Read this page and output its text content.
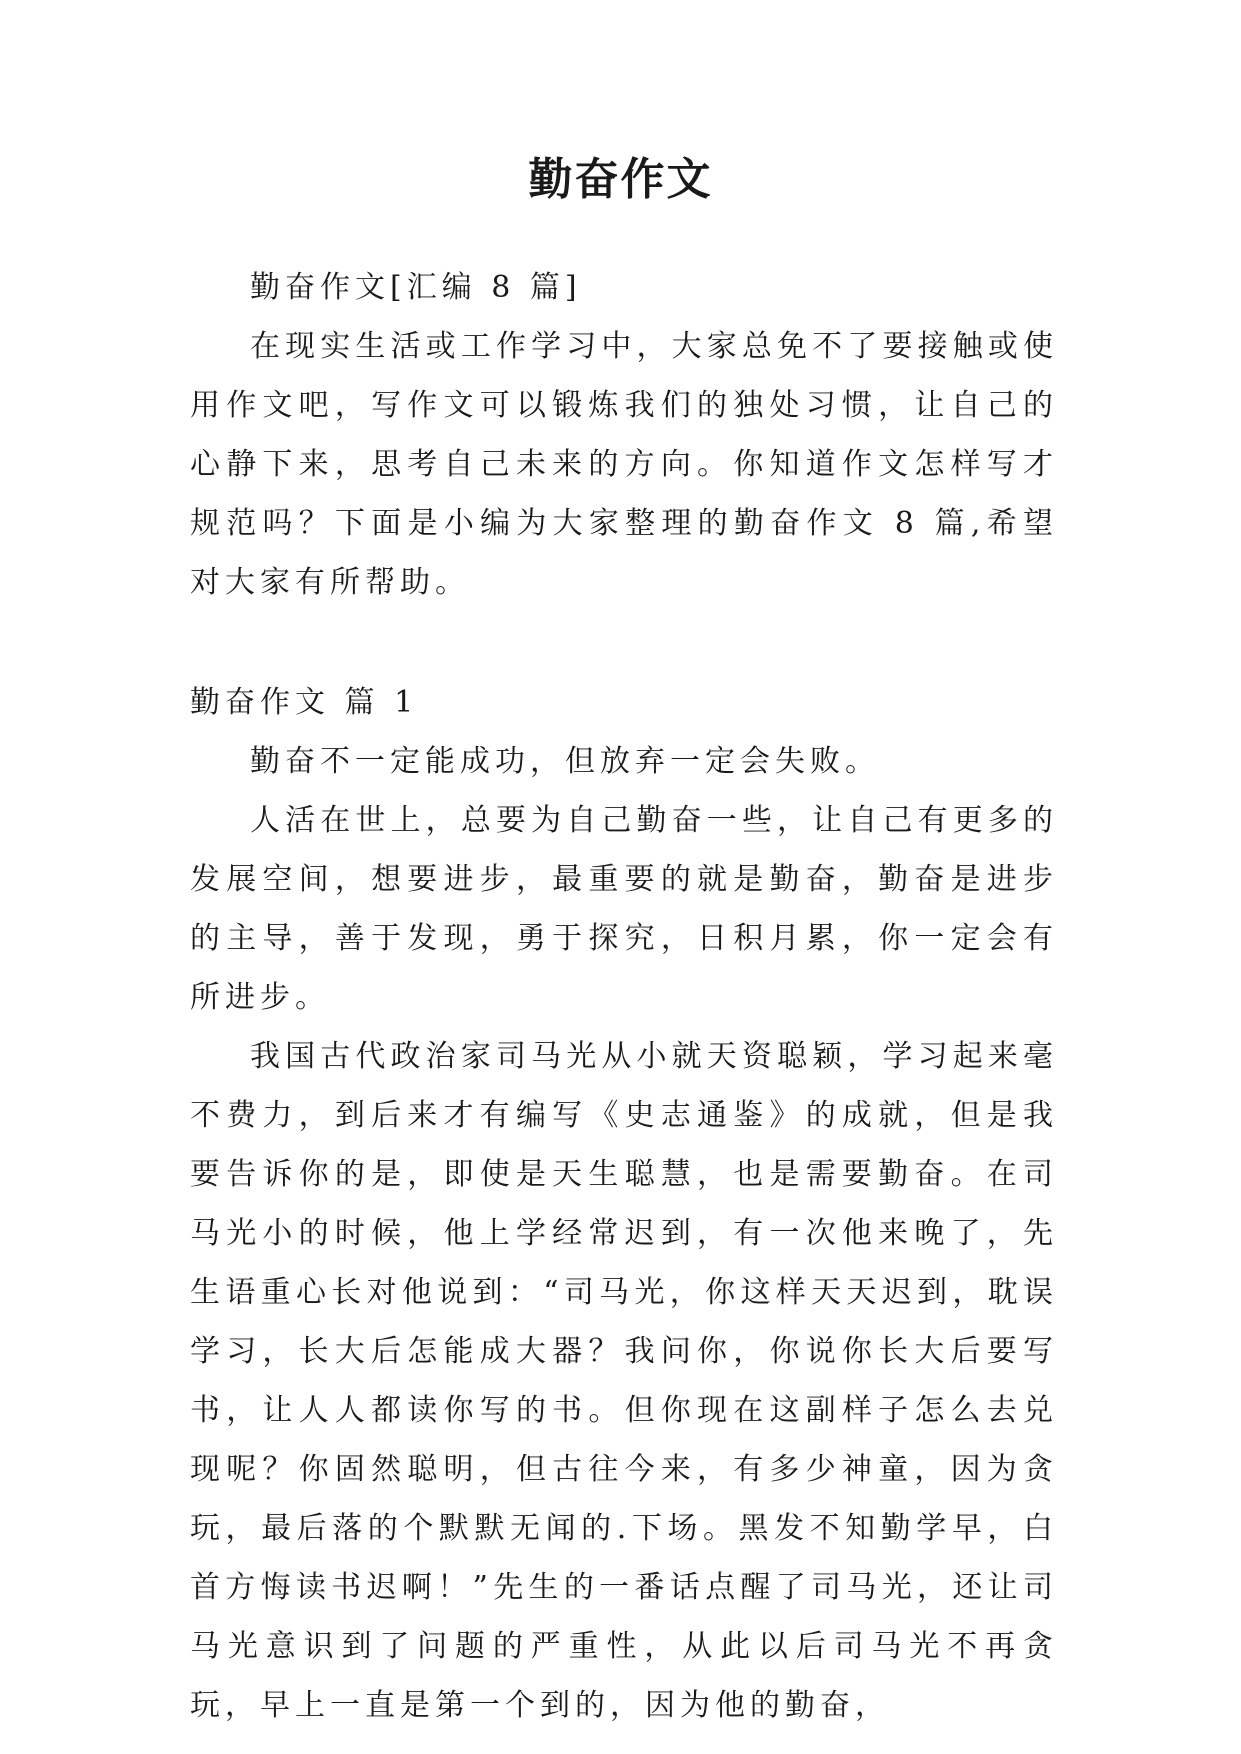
勤奋作文

勤奋作文[汇编 8 篇]

在现实生活或工作学习中，大家总免不了要接触或使用作文吧，写作文可以锻炼我们的独处习惯，让自己的心静下来，思考自己未来的方向。你知道作文怎样写才规范吗？下面是小编为大家整理的勤奋作文 8 篇,希望对大家有所帮助。

勤奋作文 篇 1

勤奋不一定能成功，但放弃一定会失败。

人活在世上，总要为自己勤奋一些，让自己有更多的发展空间，想要进步，最重要的就是勤奋，勤奋是进步的主导，善于发现，勇于探究，日积月累，你一定会有所进步。

我国古代政治家司马光从小就天资聪颖，学习起来毫不费力，到后来才有编写《史志通鉴》的成就，但是我要告诉你的是，即使是天生聪慧，也是需要勤奋。在司马光小的时候，他上学经常迟到，有一次他来晚了，先生语重心长对他说到：“司马光，你这样天天迟到，耽误学习，长大后怎能成大器？我问你，你说你长大后要写书，让人人都读你写的书。但你现在这副样子怎么去兑现呢？你固然聪明，但古往今来，有多少神童，因为贪玩，最后落的个默默无闻的.下场。黑发不知勤学早，白首方悔读书迟啊！”先生的一番话点醒了司马光，还让司马光意识到了问题的严重性，从此以后司马光不再贪玩，早上一直是第一个到的，因为他的勤奋，
